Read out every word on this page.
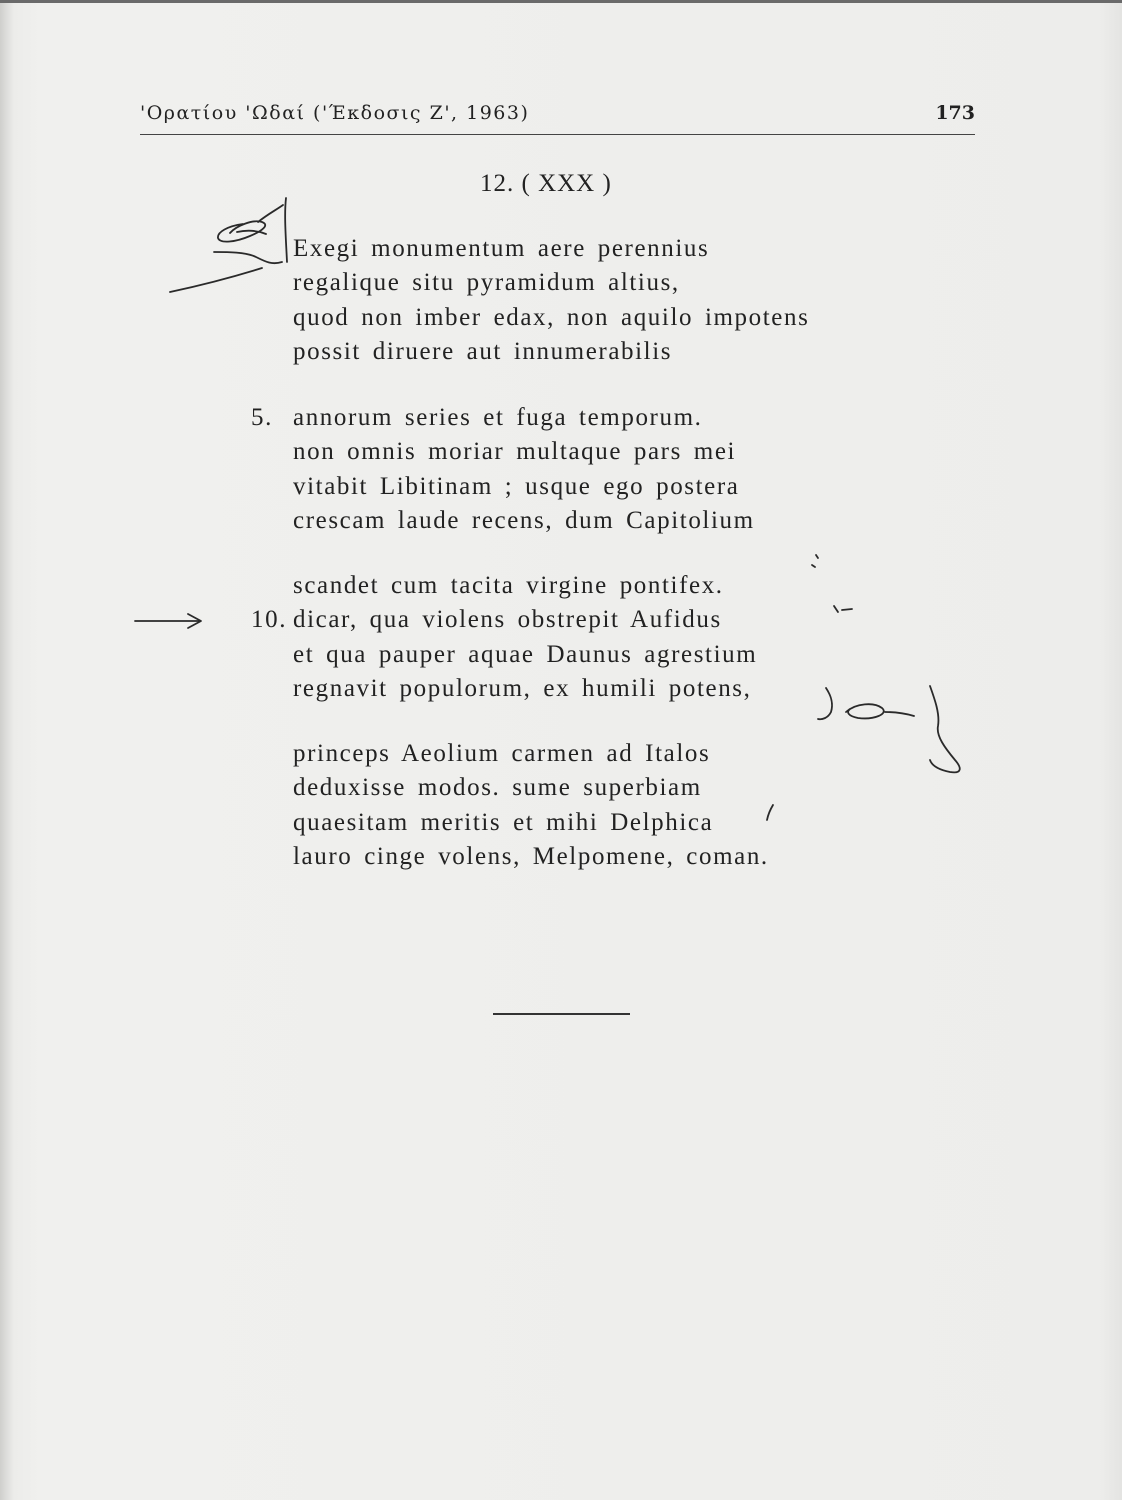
'Ορατίου 'Ωδαί ('Έκδοσις Ζ', 1963)	173
12. ( XXX )
Exegi monumentum aere perennius
regalique situ pyramidum altius,
quod non imber edax, non aquilo impotens
possit diruere aut innumerabilis
5. annorum series et fuga temporum.
non omnis moriar multaque pars mei
vitabit Libitinam ; usque ego postera
crescam laude recens, dum Capitolium
scandet cum tacita virgine pontifex.
10. dicar, qua violens obstrepit Aufidus
et qua pauper aquae Daunus agrestium
regnavit populorum, ex humili potens,
princeps Aeolium carmen ad Italos
deduxisse modos. sume superbiam
quaesitam meritis et mihi Delphica
lauro cinge volens, Melpomene, coman.
